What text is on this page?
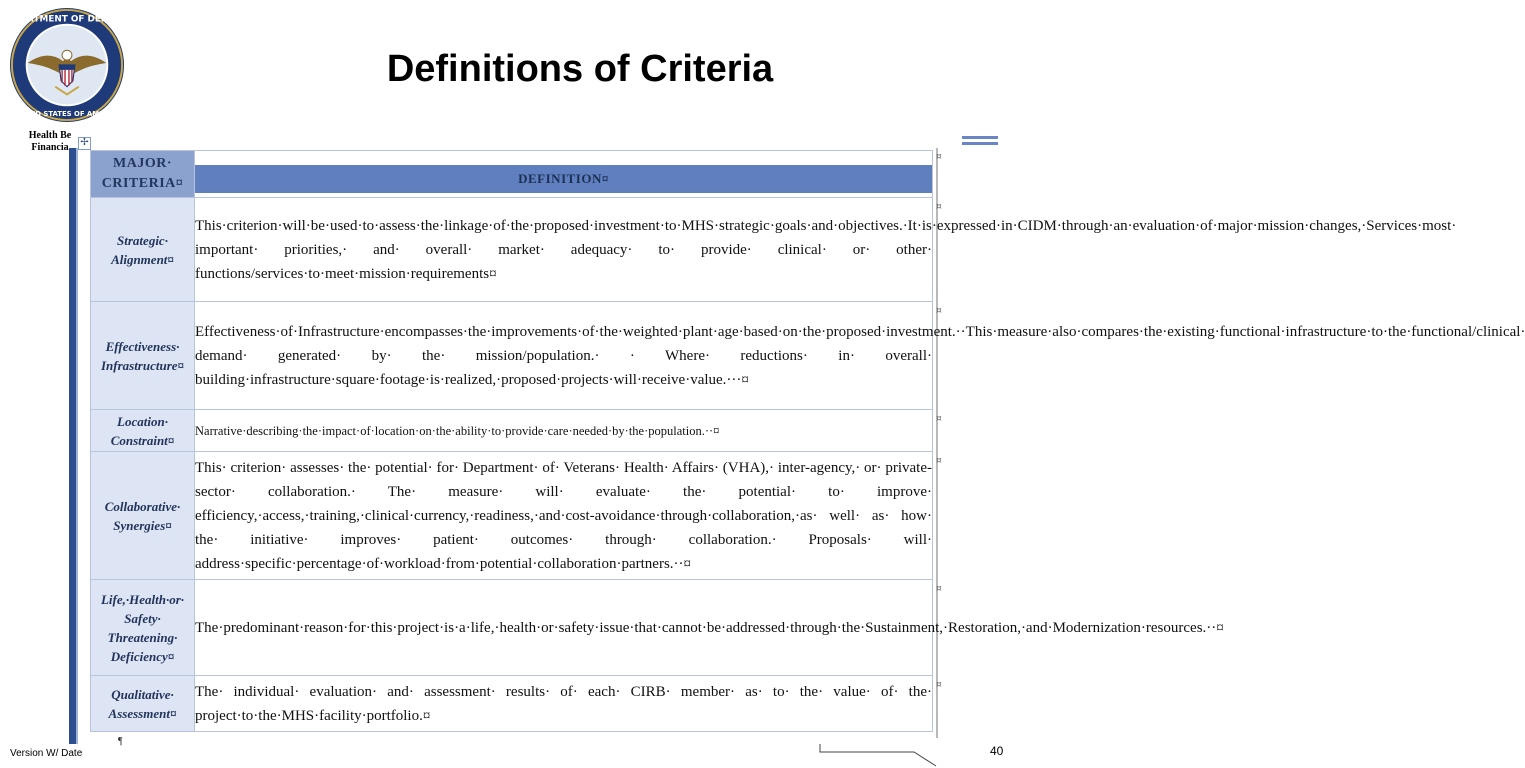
DEPARTMENT OF DEFENSE
UNITED STATES OF AMERICA
Definitions of Criteria
Health Be
Financia	✢
MAJOR·
CRITERIA¤	DEFINITION¤

Strategic·
Alignment¤	This·criterion·will·be·used·to·assess·the·linkage·of·the·proposed·investment·to·MHS·strategic·goals·and·objectives.·It·is·expressed·in·CIDM·through·an·evaluation·of·major·mission·changes,·Services·most· important· priorities,· and· overall· market· adequacy· to· provide· clinical· or· other· functions/services·to·meet·mission·requirements¤

Effectiveness·
Infrastructure¤	Effectiveness·of·Infrastructure·encompasses·the·improvements·of·the·weighted·plant·age·based·on·the·proposed·investment.··This·measure·also·compares·the·existing·functional·infrastructure·to·the·functional/clinical· demand· generated· by· the· mission/population.· · Where· reductions· in· overall· building·infrastructure·square·footage·is·realized,·proposed·projects·will·receive·value.···¤

Location·
Constraint¤	Narrative·describing·the·impact·of·location·on·the·ability·to·provide·care·needed·by·the·population.··¤

Collaborative·
Synergies¤	This· criterion· assesses· the· potential· for· Department· of· Veterans· Health· Affairs· (VHA),· inter-agency,· or· private-sector· collaboration.· The· measure· will· evaluate· the· potential· to· improve· efficiency,·access,·training,·clinical·currency,·readiness,·and·cost-avoidance·through·collaboration,·as· well· as· how· the· initiative· improves· patient· outcomes· through· collaboration.· Proposals· will· address·specific·percentage·of·workload·from·potential·collaboration·partners.··¤

Life,·Health·or·
Safety·
Threatening·
Deficiency¤	The·predominant·reason·for·this·project·is·a·life,·health·or·safety·issue·that·cannot·be·addressed·through·the·Sustainment,·Restoration,·and·Modernization·resources.··¤

Qualitative·
Assessment¤	The· individual· evaluation· and· assessment· results· of· each· CIRB· member· as· to· the· value· of· the· project·to·the·MHS·facility·portfolio.¤
¤
¤
¤
¤
¤
¤
¤
¶
Version W/ Date	40
